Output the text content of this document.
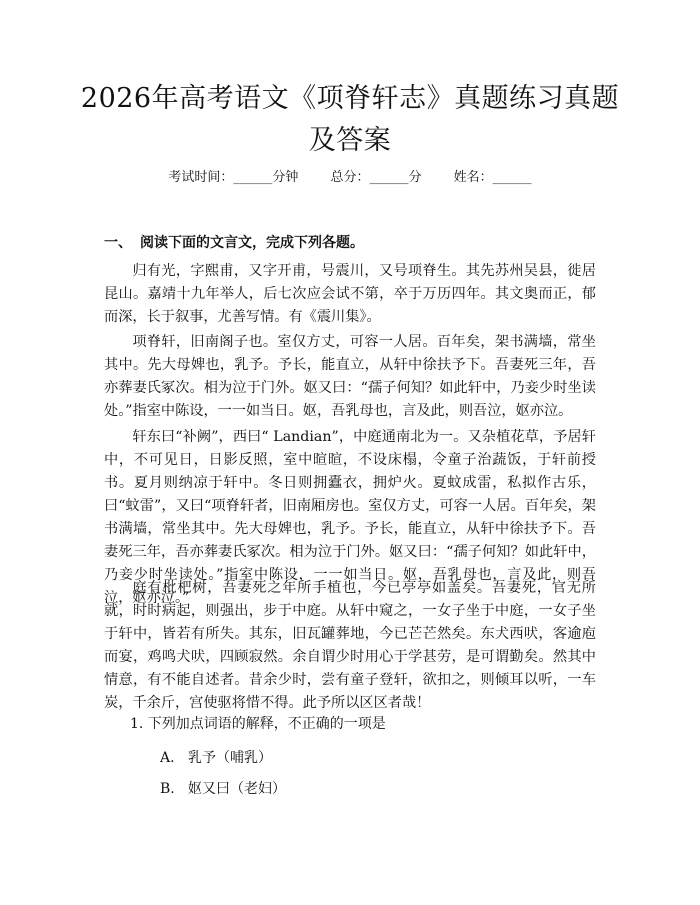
2026年高考语文《项脊轩志》真题练习真题
及答案
考试时间：______分钟 总分：______分 姓名：______
一、 阅读下面的文言文，完成下列各题。

归有光，字熙甫，又字开甫，号震川，又号项脊生。其先苏州吴县，徙居昆山。嘉靖十九年举人，后七次应会试不第，卒于万历四年。其文奥而正，郁而深，长于叙事，尤善写情。有《震川集》。

项脊轩，旧南阁子也。室仅方丈，可容一人居。百年矣，架书满墙，常坐其中。先大母婢也，乳予。予长，能直立，从轩中徐扶予下。吾妻死三年，吾亦葬妻氏冢次。相为泣于门外。妪又曰：“孺子何知？如此轩中，乃妾少时坐读处。”指室中陈设，一一如当日。妪，吾乳母也，言及此，则吾泣，妪亦泣。

轩东曰“补阙”，西曰“ Landian”，中庭通南北为一。又杂植花草，予居轩中，不可见日，日影反照，室中暄暄，不设床榻，令童子治蔬饭，于轩前授书。夏月则纳凉于轩中。冬日则拥蠹衣，拥炉火。夏蚊成雷，私拟作古乐，曰“蚊雷”，又曰“项脊轩者，旧南厢房也。室仅方丈，可容一人居。百年矣，架书满墙，常坐其中。先大母婢也，乳予。予长，能直立，从轩中徐扶予下。吾妻死三年，吾亦葬妻氏冢次。相为泣于门外。妪又曰：“孺子何知？如此轩中，乃妾少时坐读处。”指室中陈设，一一如当日。妪，吾乳母也，言及此，则吾泣，妪亦泣。”

庭有枇杷树，吾妻死之年所手植也，今已亭亭如盖矣。吾妻死，官无所就，时时病起，则强出，步于中庭。从轩中窥之，一女子坐于中庭，一女子坐于轩中，皆若有所失。其东，旧瓦罐葬地，今已芒芒然矣。东犬西吠，客逾庖而宴，鸡鸣犬吠，四顾寂然。余自谓少时用心于学甚劳，是可谓勤矣。然其中情意，有不能自述者。昔余少时，尝有童子登轩，欲扣之，则倾耳以听，一车炭，千余斤，宫使驱将惜不得。此予所以区区者哉！

1. 下列加点词语的解释，不正确的一项是
A. 乳予（哺乳）
B. 妪又曰（老妇）
